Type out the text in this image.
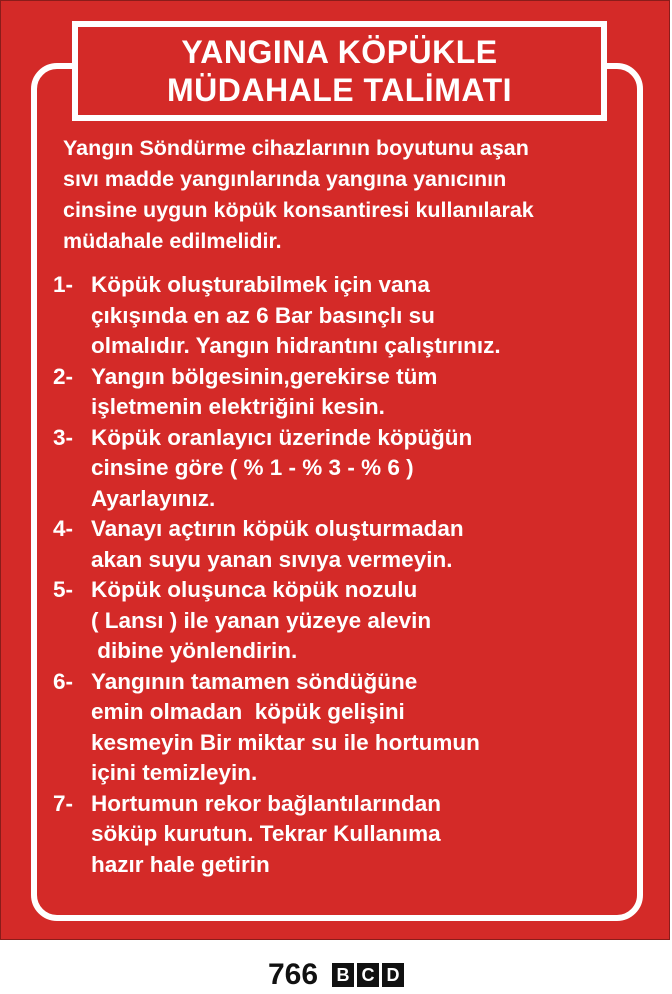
YANGINA KÖPÜKLE
MÜDAHALE TALİMATI
Yangın Söndürme cihazlarının boyutunu aşan
sıvı madde yangınlarında yangına yanıcının
cinsine uygun köpük konsantiresi kullanılarak
müdahale edilmelidir.
1- Köpük oluşturabilmek için vana
çıkışında en az 6 Bar basınçlı su
olmalıdır. Yangın hidrantını çalıştırınız.
2- Yangın bölgesinin,gerekirse tüm
işletmenin elektriğini kesin.
3- Köpük oranlayıcı üzerinde köpüğün
cinsine göre ( % 1 - % 3 - % 6 )
Ayarlayınız.
4- Vanayı açtırın köpük oluşturmadan
akan suyu yanan sıvıya vermeyin.
5- Köpük oluşunca köpük nozulu
( Lansı ) ile yanan yüzeye alevin
dibine yönlendirin.
6- Yangının tamamen söndüğüne
emin olmadan  köpük gelişini
kesmeyin Bir miktar su ile hortumun
içini temizleyin.
7- Hortumun rekor bağlantılarından
söküp kurutun. Tekrar Kullanıma
hazır hale getirin
766 B C D
